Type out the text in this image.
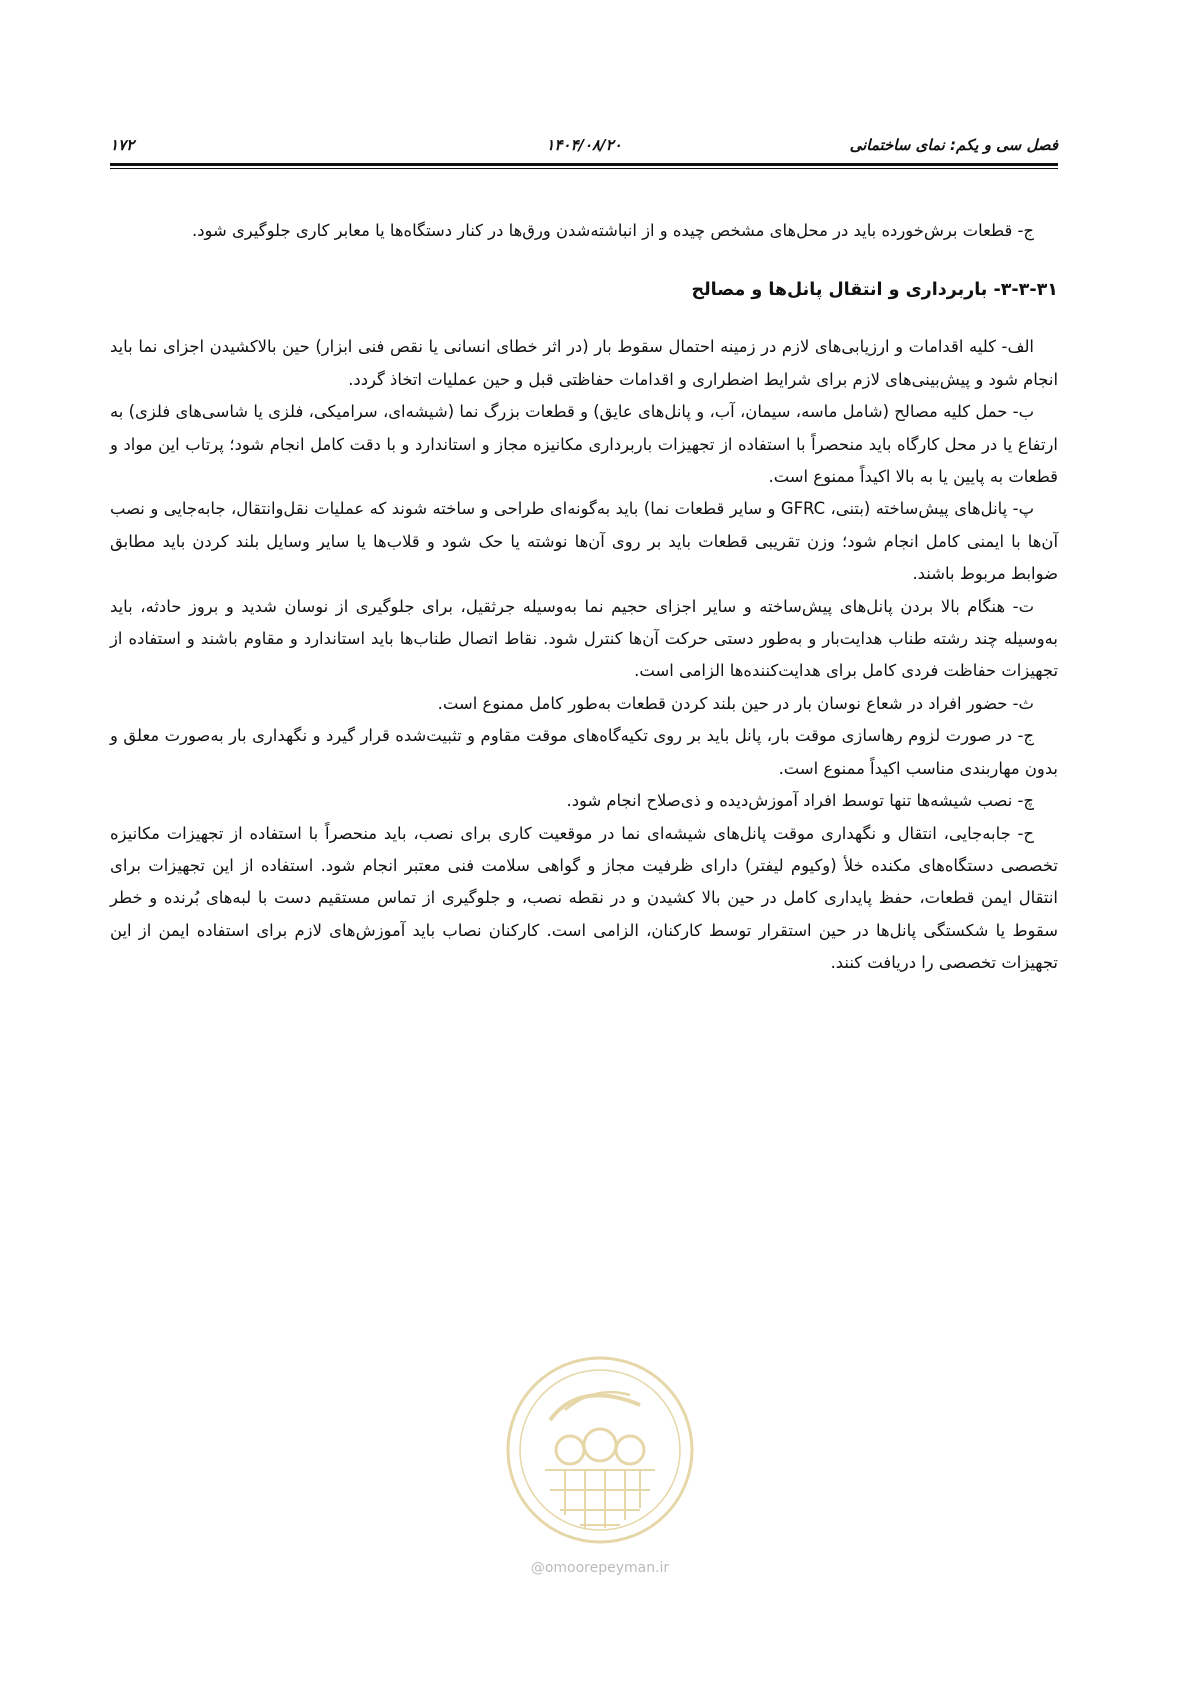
۱۷۲	۱۴۰۴/۰۸/۲۰	فصل سی و یکم: نمای ساختمانی

ج- قطعات برش‌خورده باید در محل‌های مشخص چیده و از انباشته‌شدن ورق‌ها در کنار دستگاه‌ها یا معابر کاری جلوگیری شود.

۳-۳-۳۱- باربرداری و انتقال پانل‌ها و مصالح

الف- کلیه اقدامات و ارزیابی‌های لازم در زمینه احتمال سقوط بار (در اثر خطای انسانی یا نقص فنی ابزار) حین بالاکشیدن اجزای نما باید انجام شود و پیش‌بینی‌های لازم برای شرایط اضطراری و اقدامات حفاظتی قبل و حین عملیات اتخاذ گردد.

ب- حمل کلیه مصالح (شامل ماسه، سیمان، آب، و پانل‌های عایق) و قطعات بزرگ نما (شیشه‌ای، سرامیکی، فلزی یا شاسی‌های فلزی) به ارتفاع یا در محل کارگاه باید منحصراً با استفاده از تجهیزات باربرداری مکانیزه مجاز و استاندارد و با دقت کامل انجام شود؛ پرتاب این مواد و قطعات به پایین یا به بالا اکیداً ممنوع است.

پ- پانل‌های پیش‌ساخته (بتنی، GFRC و سایر قطعات نما) باید به‌گونه‌ای طراحی و ساخته شوند که عملیات نقل‌وانتقال، جابه‌جایی و نصب آن‌ها با ایمنی کامل انجام شود؛ وزن تقریبی قطعات باید بر روی آن‌ها نوشته یا حک شود و قلاب‌ها یا سایر وسایل بلند کردن باید مطابق ضوابط مربوط باشند.

ت- هنگام بالا بردن پانل‌های پیش‌ساخته و سایر اجزای حجیم نما به‌وسیله جرثقیل، برای جلوگیری از نوسان شدید و بروز حادثه، باید به‌وسیله چند رشته طناب هدایت‌بار و به‌طور دستی حرکت آن‌ها کنترل شود. نقاط اتصال طناب‌ها باید استاندارد و مقاوم باشند و استفاده از تجهیزات حفاظت فردی کامل برای هدایت‌کننده‌ها الزامی است.

ث- حضور افراد در شعاع نوسان بار در حین بلند کردن قطعات به‌طور کامل ممنوع است.

ج- در صورت لزوم رهاسازی موقت بار، پانل باید بر روی تکیه‌گاه‌های موقت مقاوم و تثبیت‌شده قرار گیرد و نگهداری بار به‌صورت معلق و بدون مهاربندی مناسب اکیداً ممنوع است.

چ- نصب شیشه‌ها تنها توسط افراد آموزش‌دیده و ذی‌صلاح انجام شود.

ح- جابه‌جایی، انتقال و نگهداری موقت پانل‌های شیشه‌ای نما در موقعیت کاری برای نصب، باید منحصراً با استفاده از تجهیزات مکانیزه تخصصی دستگاه‌های مکنده خلأ (وکیوم لیفتر) دارای ظرفیت مجاز و گواهی سلامت فنی معتبر انجام شود. استفاده از این تجهیزات برای انتقال ایمن قطعات، حفظ پایداری کامل در حین بالا کشیدن و در نقطه نصب، و جلوگیری از تماس مستقیم دست با لبه‌های بُرنده و خطر سقوط یا شکستگی پانل‌ها در حین استقرار توسط کارکنان، الزامی است. کارکنان نصاب باید آموزش‌های لازم برای استفاده ایمن از این تجهیزات تخصصی را دریافت کنند.

@omoorepeyman.ir
